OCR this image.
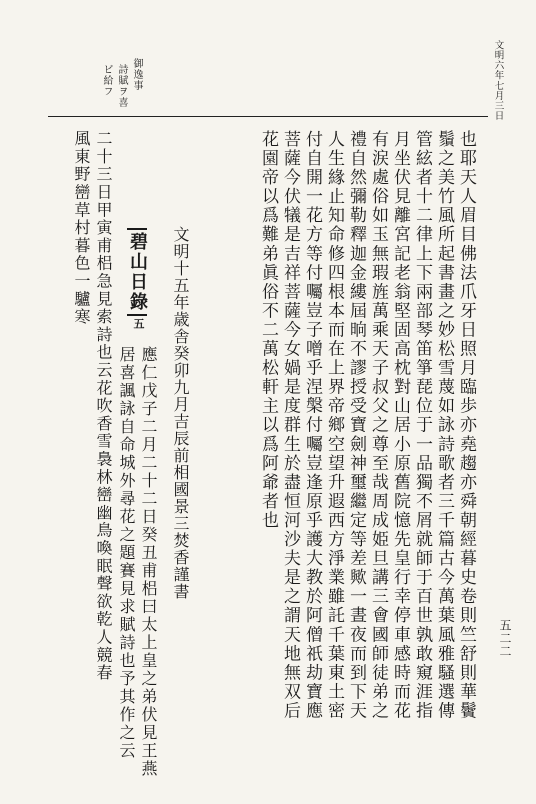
文明六年七月三日
五二二
御逸事
詩賦ヲ喜
ビ給フ
也耶天人眉目佛法爪牙日照月臨歩亦堯趨亦舜朝經暮史卷則竺舒則華鬢
鬚之美竹風所起書畫之妙松雪蔑如詠詩歌者三千篇古今萬葉風雅騷選傳
管絃者十二律上下兩部琴笛箏琵位于一品獨不屑就師于百世孰敢窺涯指
月坐伏見離宮記老翁堅固高枕對山居小原舊院憶先皇行幸停車感時而花
有涙處俗如玉無瑕旌萬乘天子叔父之尊至哉周成姫旦講三會國師徒弟之
禮自然彌勒釋迦金縷屆晌不謬授受寶劍神璽繼定等差歟一晝夜而到下天
人生緣止知命修四根本而在上界帝鄉空望升遐西方淨業雖託千葉東土密
付自開一花方等付囑豈子噌乎涅槃付囑豈逢原乎護大教於阿僧祇劫寶應
菩薩今伏犠是吉祥菩薩今女媧是度群生於盡恒河沙夫是之謂天地無双后
花園帝以爲難弟眞俗不二萬松軒主以爲阿爺者也
文明十五年歳舎癸卯九月吉辰前相國景三焚香謹書
碧山日錄
五
應仁戊子二月二十二日癸丑甫梠曰太上皇之弟伏見王燕
居喜諷詠自命城外尋花之題賽見求賦詩也予其作之云
二十三日甲寅甫梠急見索詩也云花吹香雪裊林巒幽鳥喚眠聲欲乾人競春
風東野巒草村暮色一驢寒
